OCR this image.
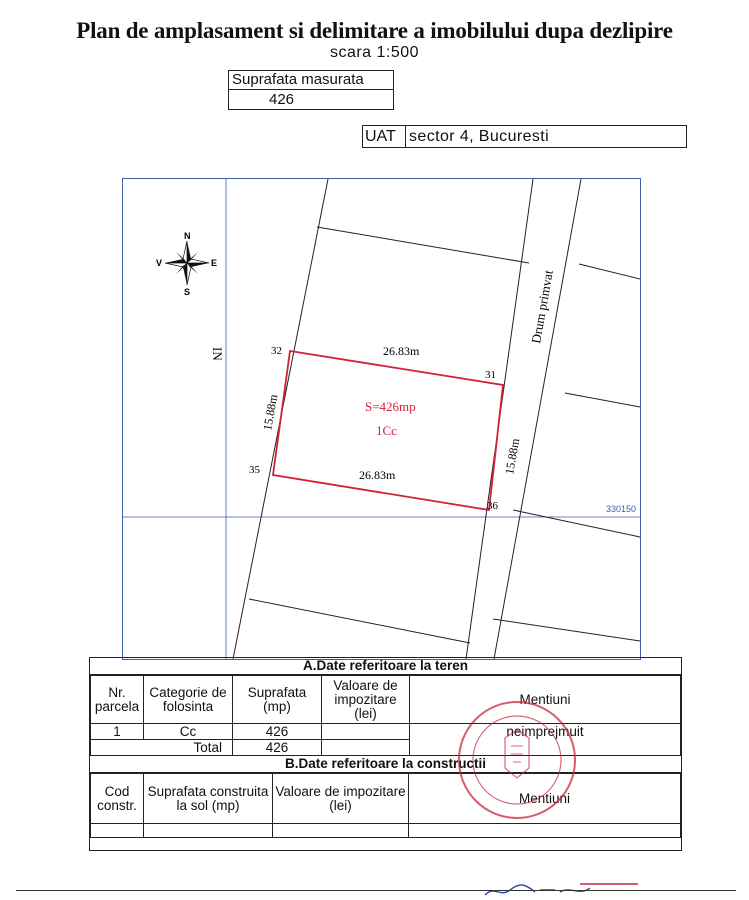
Plan de amplasament si delimitare a imobilului dupa dezlipire
scara 1:500
Suprafata masurata
426
UAT sector 4, Bucuresti
32
31
35
36
26.83m
26.83m
15.88m
15.88m
S=426mp
1Cc
Drum primvat
IN
330150
N
S
E
V
A.Date referitoare la teren
Nr. parcela	Categorie de folosinta	Suprafata (mp)	Valoare de impozitare (lei)	Mentiuni
1	Cc	426		neimprejmuit
Total		426		
B.Date referitoare la constructii
Cod constr.	Suprafata construita la sol (mp)	Valoare de impozitare (lei)	Mentiuni
